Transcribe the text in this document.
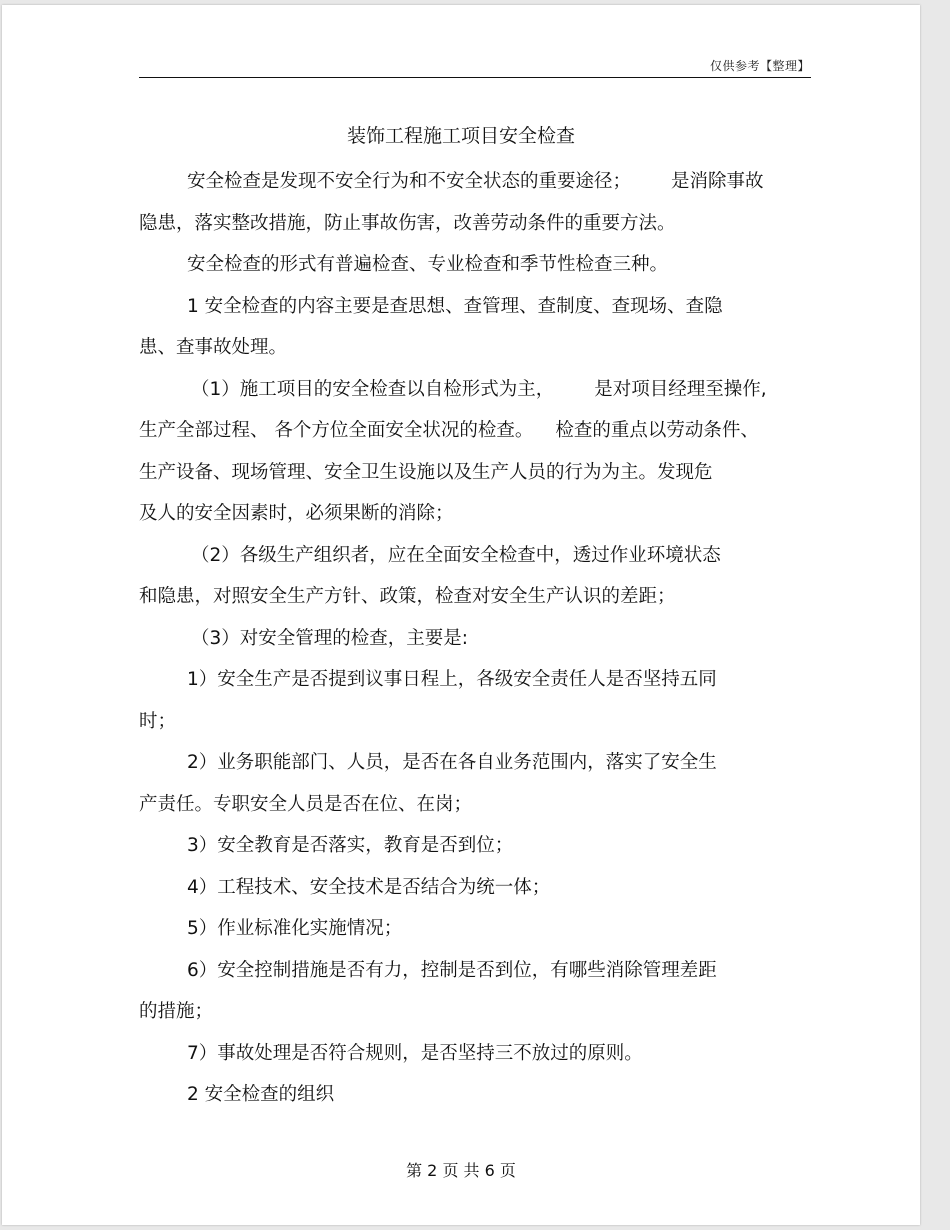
仅供参考【整理】
装饰工程施工项目安全检查
安全检查是发现不安全行为和不安全状态的重要途径； 是消除事故
隐患，落实整改措施，防止事故伤害，改善劳动条件的重要方法。
安全检查的形式有普遍检查、专业检查和季节性检查三种。
1 安全检查的内容主要是查思想、查管理、查制度、查现场、查隐
患、查事故处理。
（1）施工项目的安全检查以自检形式为主， 是对项目经理至操作,
生产全部过程、 各个方位全面安全状况的检查。 检查的重点以劳动条件、
生产设备、现场管理、安全卫生设施以及生产人员的行为为主。发现危
及人的安全因素时，必须果断的消除；
（2）各级生产组织者，应在全面安全检查中，透过作业环境状态
和隐患，对照安全生产方针、政策，检查对安全生产认识的差距；
（3）对安全管理的检查，主要是:
1）安全生产是否提到议事日程上，各级安全责任人是否坚持五同
时；
2）业务职能部门、人员，是否在各自业务范围内，落实了安全生
产责任。专职安全人员是否在位、在岗；
3）安全教育是否落实，教育是否到位；
4）工程技术、安全技术是否结合为统一体；
5）作业标准化实施情况；
6）安全控制措施是否有力，控制是否到位，有哪些消除管理差距
的措施；
7）事故处理是否符合规则，是否坚持三不放过的原则。
2 安全检查的组织
第 2 页 共 6 页
